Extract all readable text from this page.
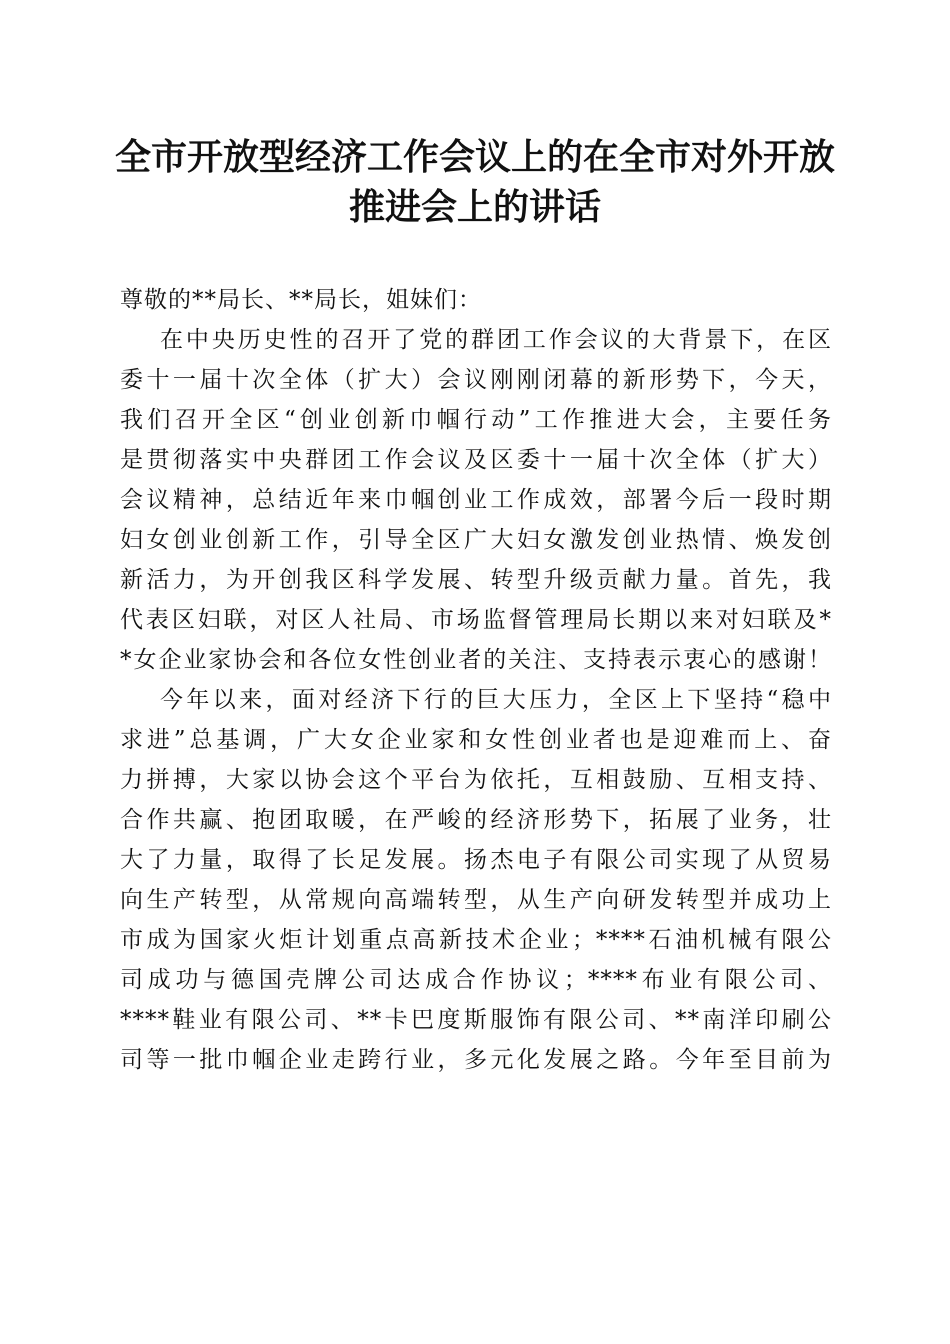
全市开放型经济工作会议上的在全市对外开放
推进会上的讲话
尊敬的**局长、**局长，姐妹们：
在中央历史性的召开了党的群团工作会议的大背景下，在区
委十一届十次全体（扩大）会议刚刚闭幕的新形势下，今天，
我们召开全区“创业创新巾帼行动”工作推进大会，主要任务
是贯彻落实中央群团工作会议及区委十一届十次全体（扩大）
会议精神，总结近年来巾帼创业工作成效，部署今后一段时期
妇女创业创新工作，引导全区广大妇女激发创业热情、焕发创
新活力，为开创我区科学发展、转型升级贡献力量。首先，我
代表区妇联，对区人社局、市场监督管理局长期以来对妇联及*
*女企业家协会和各位女性创业者的关注、支持表示衷心的感谢！
今年以来，面对经济下行的巨大压力，全区上下坚持“稳中
求进”总基调，广大女企业家和女性创业者也是迎难而上、奋
力拼搏，大家以协会这个平台为依托，互相鼓励、互相支持、
合作共赢、抱团取暖，在严峻的经济形势下，拓展了业务，壮
大了力量，取得了长足发展。扬杰电子有限公司实现了从贸易
向生产转型，从常规向高端转型，从生产向研发转型并成功上
市成为国家火炬计划重点高新技术企业；****石油机械有限公
司成功与德国壳牌公司达成合作协议；****布业有限公司、
****鞋业有限公司、**卡巴度斯服饰有限公司、**南洋印刷公
司等一批巾帼企业走跨行业，多元化发展之路。今年至目前为
